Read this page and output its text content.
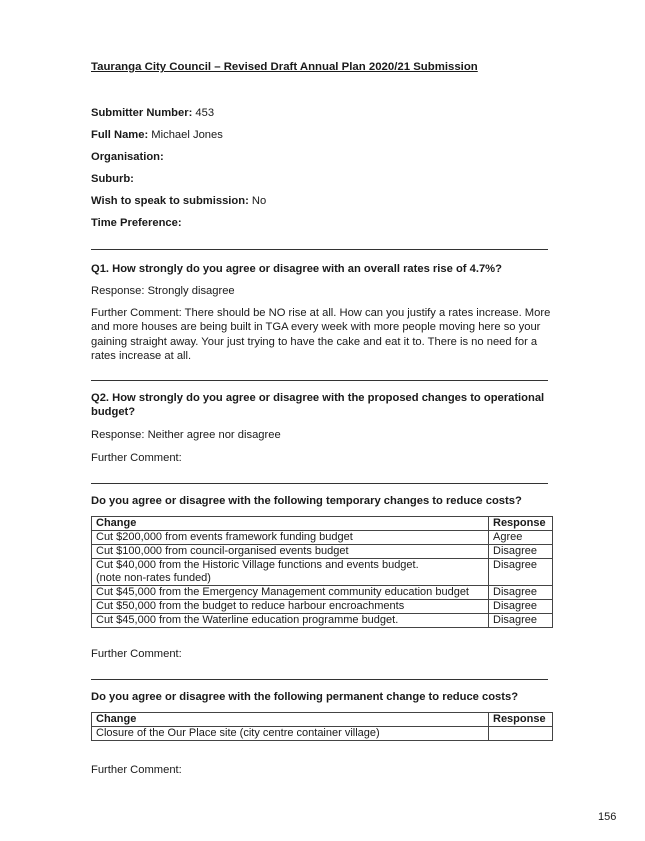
Tauranga City Council – Revised Draft Annual Plan 2020/21 Submission
Submitter Number: 453
Full Name: Michael Jones
Organisation:
Suburb:
Wish to speak to submission: No
Time Preference:
Q1. How strongly do you agree or disagree with an overall rates rise of 4.7%?
Response: Strongly disagree
Further Comment: There should be NO rise at all. How can you justify a rates increase. More and more houses are being built in TGA every week with more people moving here so your gaining straight away. Your just trying to have the cake and eat it to. There is no need for a rates increase at all.
Q2. How strongly do you agree or disagree with the proposed changes to operational budget?
Response: Neither agree nor disagree
Further Comment:
Do you agree or disagree with the following temporary changes to reduce costs?
Change	Response
Cut $200,000 from events framework funding budget	Agree
Cut $100,000 from council-organised events budget	Disagree

Cut $40,000 from the Historic Village functions and events budget.
(note non-rates funded)	Disagree
Cut $45,000 from the Emergency Management community education budget	Disagree
Cut $50,000 from the budget to reduce harbour encroachments	Disagree
Cut $45,000 from the Waterline education programme budget.	Disagree
Further Comment:
Do you agree or disagree with the following permanent change to reduce costs?
Change	Response
Closure of the Our Place site (city centre container village)	
Further Comment:
156
